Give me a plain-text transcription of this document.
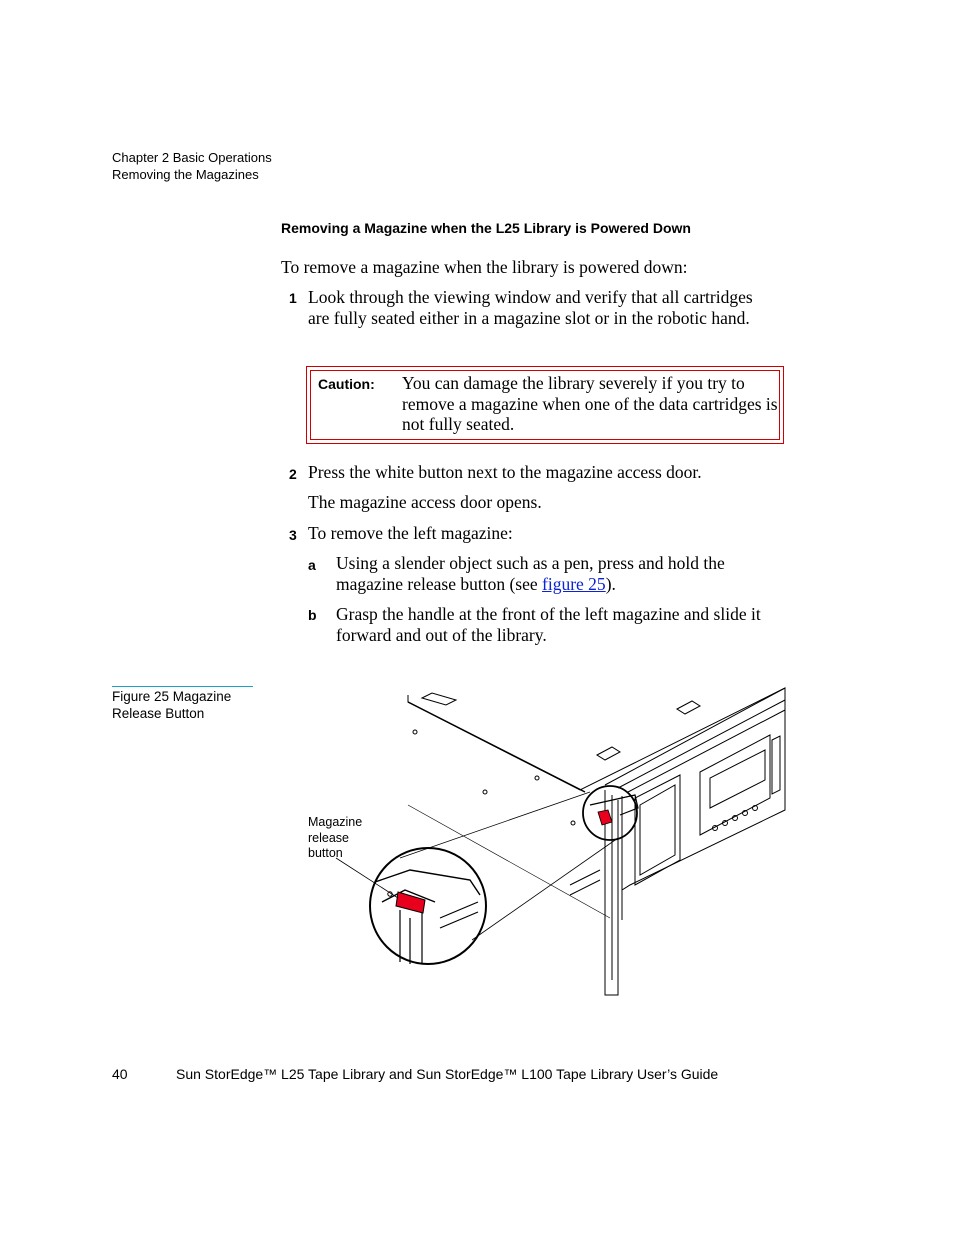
Chapter 2 Basic Operations
Removing the Magazines
Removing a Magazine when the L25 Library is Powered Down
To remove a magazine when the library is powered down:
1 Look through the viewing window and verify that all cartridges are fully seated either in a magazine slot or in the robotic hand.
Caution: You can damage the library severely if you try to remove a magazine when one of the data cartridges is not fully seated.
2 Press the white button next to the magazine access door.
The magazine access door opens.
3 To remove the left magazine:
a Using a slender object such as a pen, press and hold the magazine release button (see figure 25).
b Grasp the handle at the front of the left magazine and slide it forward and out of the library.
Figure 25 Magazine
Release Button
Magazine
release
button
40	Sun StorEdge™ L25 Tape Library and Sun StorEdge™ L100 Tape Library User’s Guide
